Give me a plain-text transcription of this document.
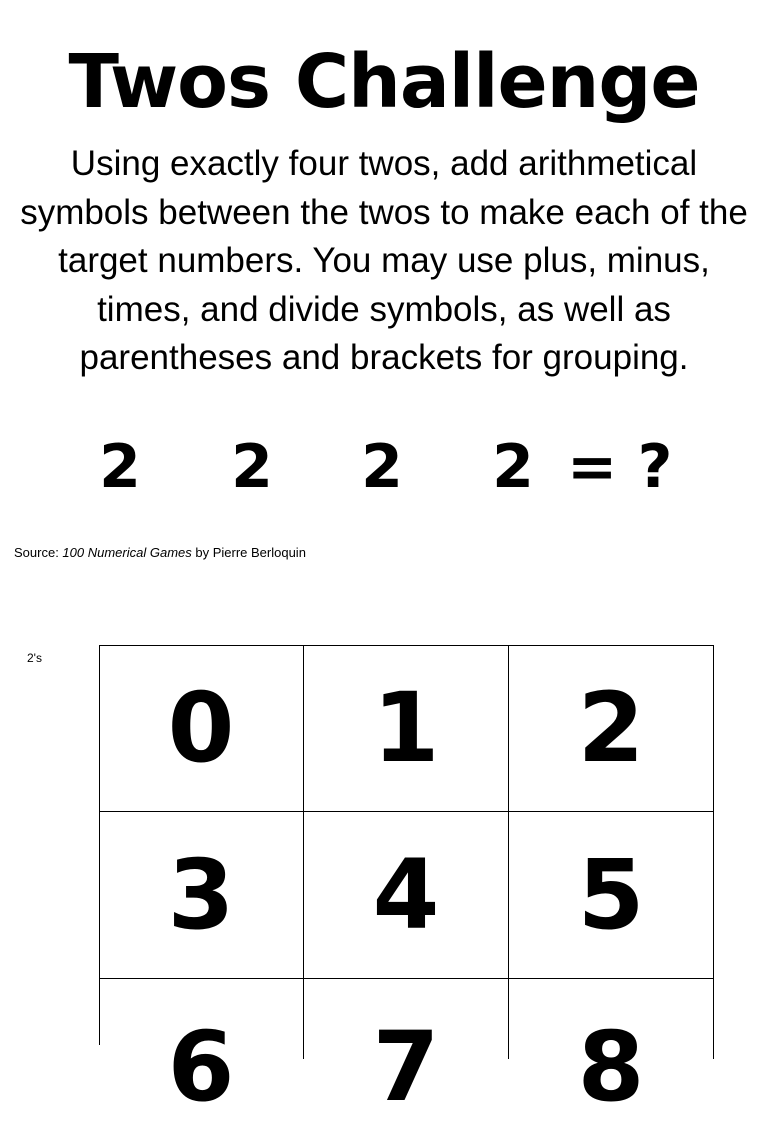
Twos Challenge

Using exactly four twos, add arithmetical symbols between the twos to make each of the target numbers. You may use plus, minus, times, and divide symbols, as well as parentheses and brackets for grouping.

2 2 2 2 = ?
Source: 100 Numerical Games by Pierre Berloquin
2's
0 1 2
3 4 5
6 7 8
